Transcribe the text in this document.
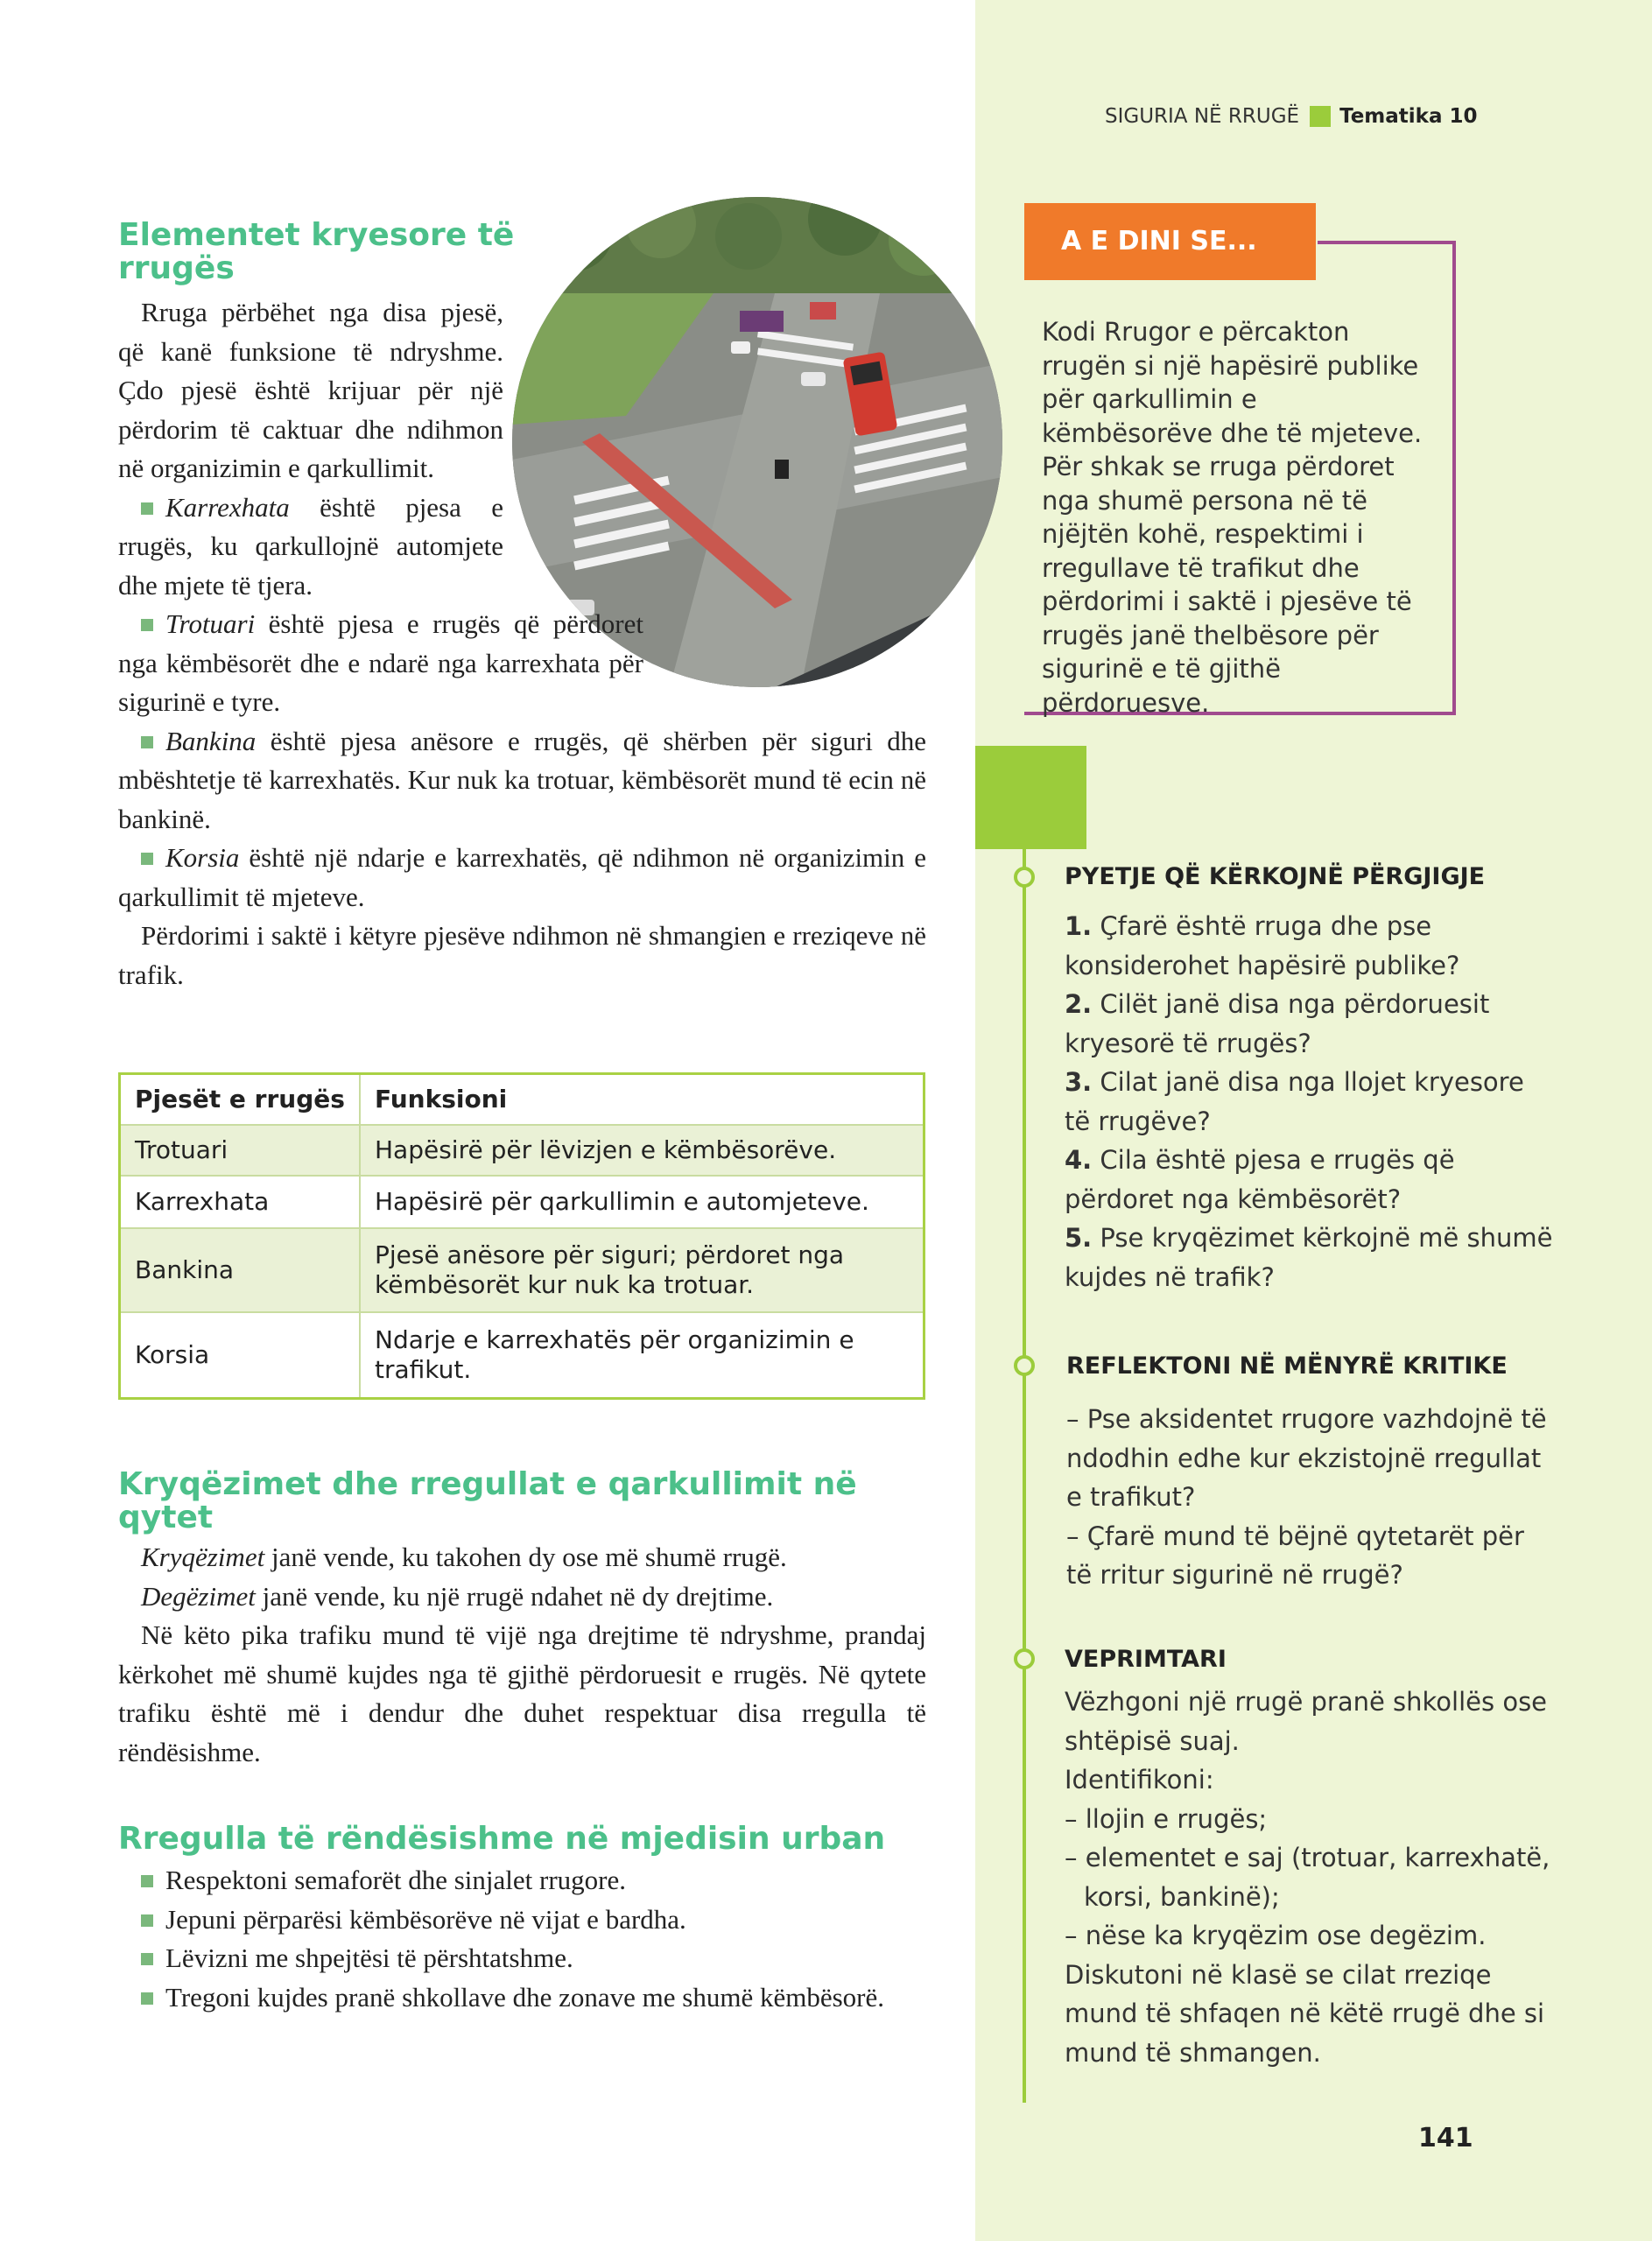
SIGURIA NË RRUGË Tematika 10
Elementet kryesore të
rrugës

Rruga përbëhet nga disa pjesë, që kanë funksione të ndryshme. Çdo pjesë është krijuar për një përdorim të caktuar dhe ndihmon në organizimin e qarkullimit.

Karrexhata është pjesa e rrugës, ku qarkullojnë automjete dhe mjete të tjera.

Trotuari është pjesa e rrugës që përdoret nga këmbësorët dhe e ndarë nga karrexhata për sigurinë e tyre.

Bankina është pjesa anësore e rrugës, që shërben për siguri dhe mbështetje të karrexhatës. Kur nuk ka trotuar, këmbësorët mund të ecin në bankinë.

Korsia është një ndarje e karrexhatës, që ndihmon në organizimin e qarkullimit të mjeteve.

Përdorimi i saktë i këtyre pjesëve ndihmon në shmangien e rreziqeve në trafik.

Pjesët e rrugës	Funksioni
Trotuari	Hapësirë për lëvizjen e këmbësorëve.
Karrexhata	Hapësirë për qarkullimin e automjeteve.
Bankina	Pjesë anësore për siguri; përdoret nga këmbësorët kur nuk ka trotuar.
Korsia	Ndarje e karrexhatës për organizimin e trafikut.
Kryqëzimet dhe rregullat e qarkullimit në
qytet

Kryqëzimet janë vende, ku takohen dy ose më shumë rrugë.

Degëzimet janë vende, ku një rrugë ndahet në dy drejtime.

Në këto pika trafiku mund të vijë nga drejtime të ndryshme, prandaj kërkohet më shumë kujdes nga të gjithë përdoruesit e rrugës. Në qytete trafiku është më i dendur dhe duhet respektuar disa rregulla të rëndësishme.

Rregulla të rëndësishme në mjedisin urban

Respektoni semaforët dhe sinjalet rrugore.

Jepuni përparësi këmbësorëve në vijat e bardha.

Lëvizni me shpejtësi të përshtatshme.

Tregoni kujdes pranë shkollave dhe zonave me shumë këmbësorë.

A E DINI SE...
Kodi Rrugor e përcakton rrugën si një hapësirë publike për qarkullimin e këmbësorëve dhe të mjeteve. Për shkak se rruga përdoret nga shumë persona në të njëjtën kohë, respektimi i rregullave të trafikut dhe përdorimi i saktë i pjesëve të rrugës janë thelbësore për sigurinë e të gjithë përdoruesve.
PYETJE QË KËRKOJNË PËRGJIGJE

1. Çfarë është rruga dhe pse konsiderohet hapësirë publike?

2. Cilët janë disa nga përdoruesit kryesorë të rrugës?

3. Cilat janë disa nga llojet kryesore të rrugëve?

4. Cila është pjesa e rrugës që përdoret nga këmbësorët?

5. Pse kryqëzimet kërkojnë më shumë kujdes në trafik?

REFLEKTONI NË MËNYRË KRITIKE

– Pse aksidentet rrugore vazhdojnë të ndodhin edhe kur ekzistojnë rregullat e trafikut?

– Çfarë mund të bëjnë qytetarët për të rritur sigurinë në rrugë?

VEPRIMTARI

Vëzhgoni një rrugë pranë shkollës ose shtëpisë suaj.

Identifikoni:

– llojin e rrugës;

– elementet e saj (trotuar, karrexhatë, korsi, bankinë);

– nëse ka kryqëzim ose degëzim.

Diskutoni në klasë se cilat rreziqe mund të shfaqen në këtë rrugë dhe si mund të shmangen.

141
